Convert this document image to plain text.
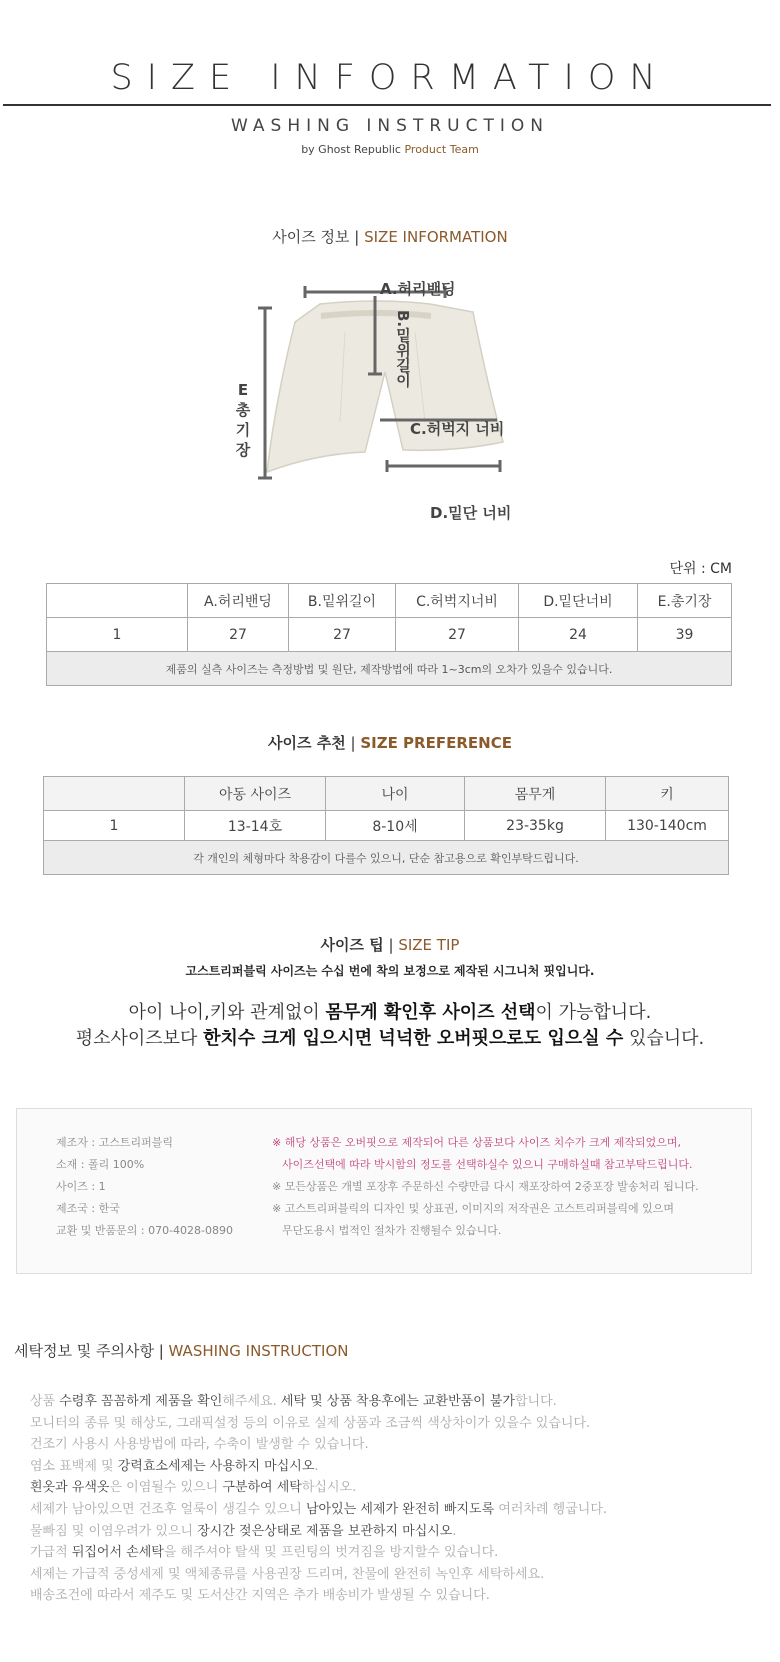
SIZE INFORMATION
WASHING INSTRUCTION
by Ghost Republic Product Team
사이즈 정보 | SIZE INFORMATION
A.허리밴딩
B.밑위길이
C.허벅지 너비
D.밑단 너비
E
총
기
장
단위 : CM
	A.허리밴딩	B.밑위길이	C.허벅지너비	D.밑단너비	E.총기장
1	27	27	27	24	39
제품의 실측 사이즈는 측정방법 및 원단, 제작방법에 따라 1~3cm의 오차가 있을수 있습니다.					
사이즈 추천 | SIZE PREFERENCE
	아동 사이즈	나이	몸무게	키
1	13-14호	8-10세	23-35kg	130-140cm
각 개인의 체형마다 착용감이 다를수 있으니, 단순 참고용으로 확인부탁드립니다.				
사이즈 팁 | SIZE TIP
고스트리퍼블릭 사이즈는 수십 번에 착의 보정으로 제작된 시그니처 핏입니다.
아이 나이,키와 관계없이 몸무게 확인후 사이즈 선택이 가능합니다.
평소사이즈보다 한치수 크게 입으시면 넉넉한 오버핏으로도 입으실 수 있습니다.
제조자 : 고스트리퍼블릭
소재 : 폴리 100%
사이즈 : 1
제조국 : 한국
교환 및 반품문의 : 070-4028-0890
※ 해당 상품은 오버핏으로 제작되어 다른 상품보다 사이즈 치수가 크게 제작되었으며,
사이즈선택에 따라 박시함의 정도를 선택하실수 있으니 구매하실때 참고부탁드립니다.
※ 모든상품은 개별 포장후 주문하신 수량만큼 다시 재포장하여 2중포장 발송처리 됩니다.
※ 고스트리퍼블릭의 디자인 및 상표권, 이미지의 저작권은 고스트리퍼블릭에 있으며
무단도용시 법적인 절차가 진행될수 있습니다.
세탁정보 및 주의사항 | WASHING INSTRUCTION
상품 수령후 꼼꼼하게 제품을 확인해주세요. 세탁 및 상품 착용후에는 교환반품이 불가합니다.
모니터의 종류 및 해상도, 그래픽설정 등의 이유로 실제 상품과 조금씩 색상차이가 있을수 있습니다.
건조기 사용시 사용방법에 따라, 수축이 발생할 수 있습니다.
염소 표백제 및 강력효소세제는 사용하지 마십시오.
흰옷과 유색옷은 이염될수 있으니 구분하여 세탁하십시오.
세제가 남아있으면 건조후 얼룩이 생길수 있으니 남아있는 세제가 완전히 빠지도록 여러차례 헹굽니다.
물빠짐 및 이염우려가 있으니 장시간 젖은상태로 제품을 보관하지 마십시오.
가급적 뒤집어서 손세탁을 해주셔야 탈색 및 프린팅의 벗겨짐을 방지할수 있습니다.
세제는 가급적 중성세제 및 액체종류를 사용권장 드리며, 찬물에 완전히 녹인후 세탁하세요.
배송조건에 따라서 제주도 및 도서산간 지역은 추가 배송비가 발생될 수 있습니다.
